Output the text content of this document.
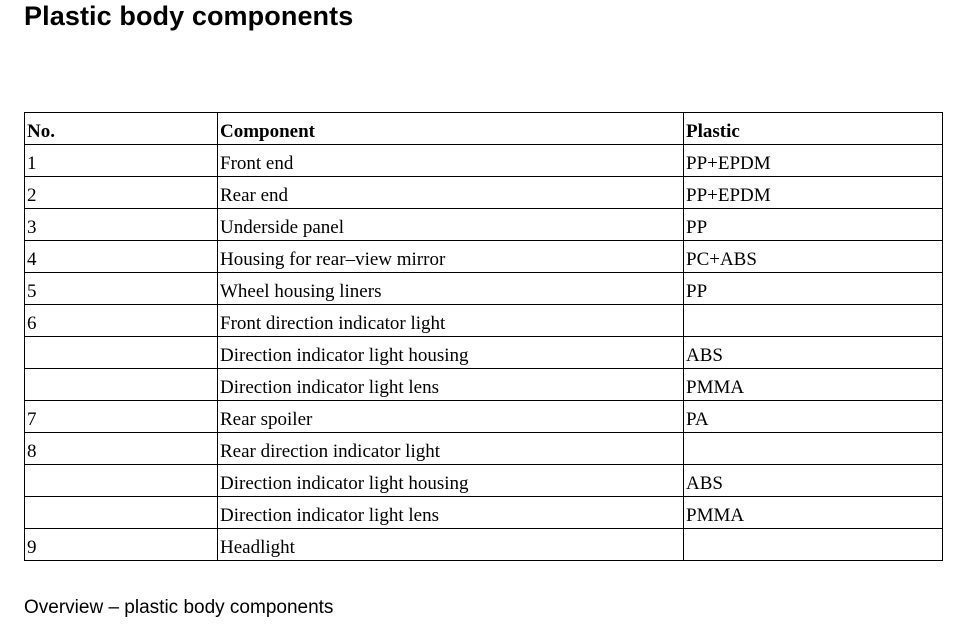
Plastic body components
No.	Component	Plastic
1	Front end	PP+EPDM
2	Rear end	PP+EPDM
3	Underside panel	PP
4	Housing for rear–view mirror	PC+ABS
5	Wheel housing liners	PP
6	Front direction indicator light	
	Direction indicator light housing	ABS
	Direction indicator light lens	PMMA
7	Rear spoiler	PA
8	Rear direction indicator light	
	Direction indicator light housing	ABS
	Direction indicator light lens	PMMA
9	Headlight	

Overview – plastic body components
